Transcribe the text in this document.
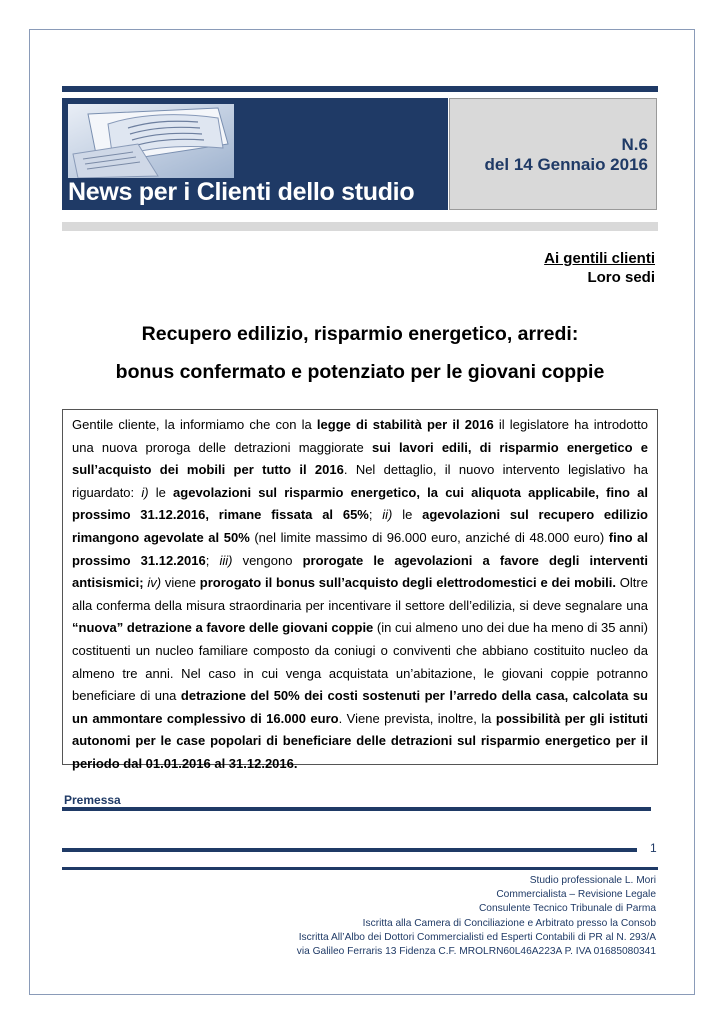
News per i Clienti dello studio
N.6
del 14 Gennaio 2016
Ai gentili clienti
Loro sedi
Recupero edilizio, risparmio energetico, arredi:
bonus confermato e potenziato per le giovani coppie

Gentile cliente, la informiamo che con la legge di stabilità per il 2016 il legislatore ha introdotto una nuova proroga delle detrazioni maggiorate sui lavori edili, di risparmio energetico e sull’acquisto dei mobili per tutto il 2016. Nel dettaglio, il nuovo intervento legislativo ha riguardato: i) le agevolazioni sul risparmio energetico, la cui aliquota applicabile, fino al prossimo 31.12.2016, rimane fissata al 65%; ii) le agevolazioni sul recupero edilizio rimangono agevolate al 50% (nel limite massimo di 96.000 euro, anziché di 48.000 euro) fino al prossimo 31.12.2016; iii) vengono prorogate le agevolazioni a favore degli interventi antisismici; iv) viene prorogato il bonus sull’acquisto degli elettrodomestici e dei mobili. Oltre alla conferma della misura straordinaria per incentivare il settore dell’edilizia, si deve segnalare una “nuova” detrazione a favore delle giovani coppie (in cui almeno uno dei due ha meno di 35 anni) costituenti un nucleo familiare composto da coniugi o conviventi che abbiano costituito nucleo da almeno tre anni. Nel caso in cui venga acquistata un’abitazione, le giovani coppie potranno beneficiare di una detrazione del 50% dei costi sostenuti per l’arredo della casa, calcolata su un ammontare complessivo di 16.000 euro. Viene prevista, inoltre, la possibilità per gli istituti autonomi per le case popolari di beneficiare delle detrazioni sul risparmio energetico per il periodo dal 01.01.2016 al 31.12.2016.

Premessa
1
Studio professionale L. Mori
Commercialista – Revisione Legale
Consulente Tecnico Tribunale di Parma
Iscritta alla Camera di Conciliazione e Arbitrato presso la Consob
Iscritta All’Albo dei Dottori Commercialisti ed Esperti Contabili di PR al N. 293/A
via Galileo Ferraris 13 Fidenza C.F. MROLRN60L46A223A P. IVA 01685080341
